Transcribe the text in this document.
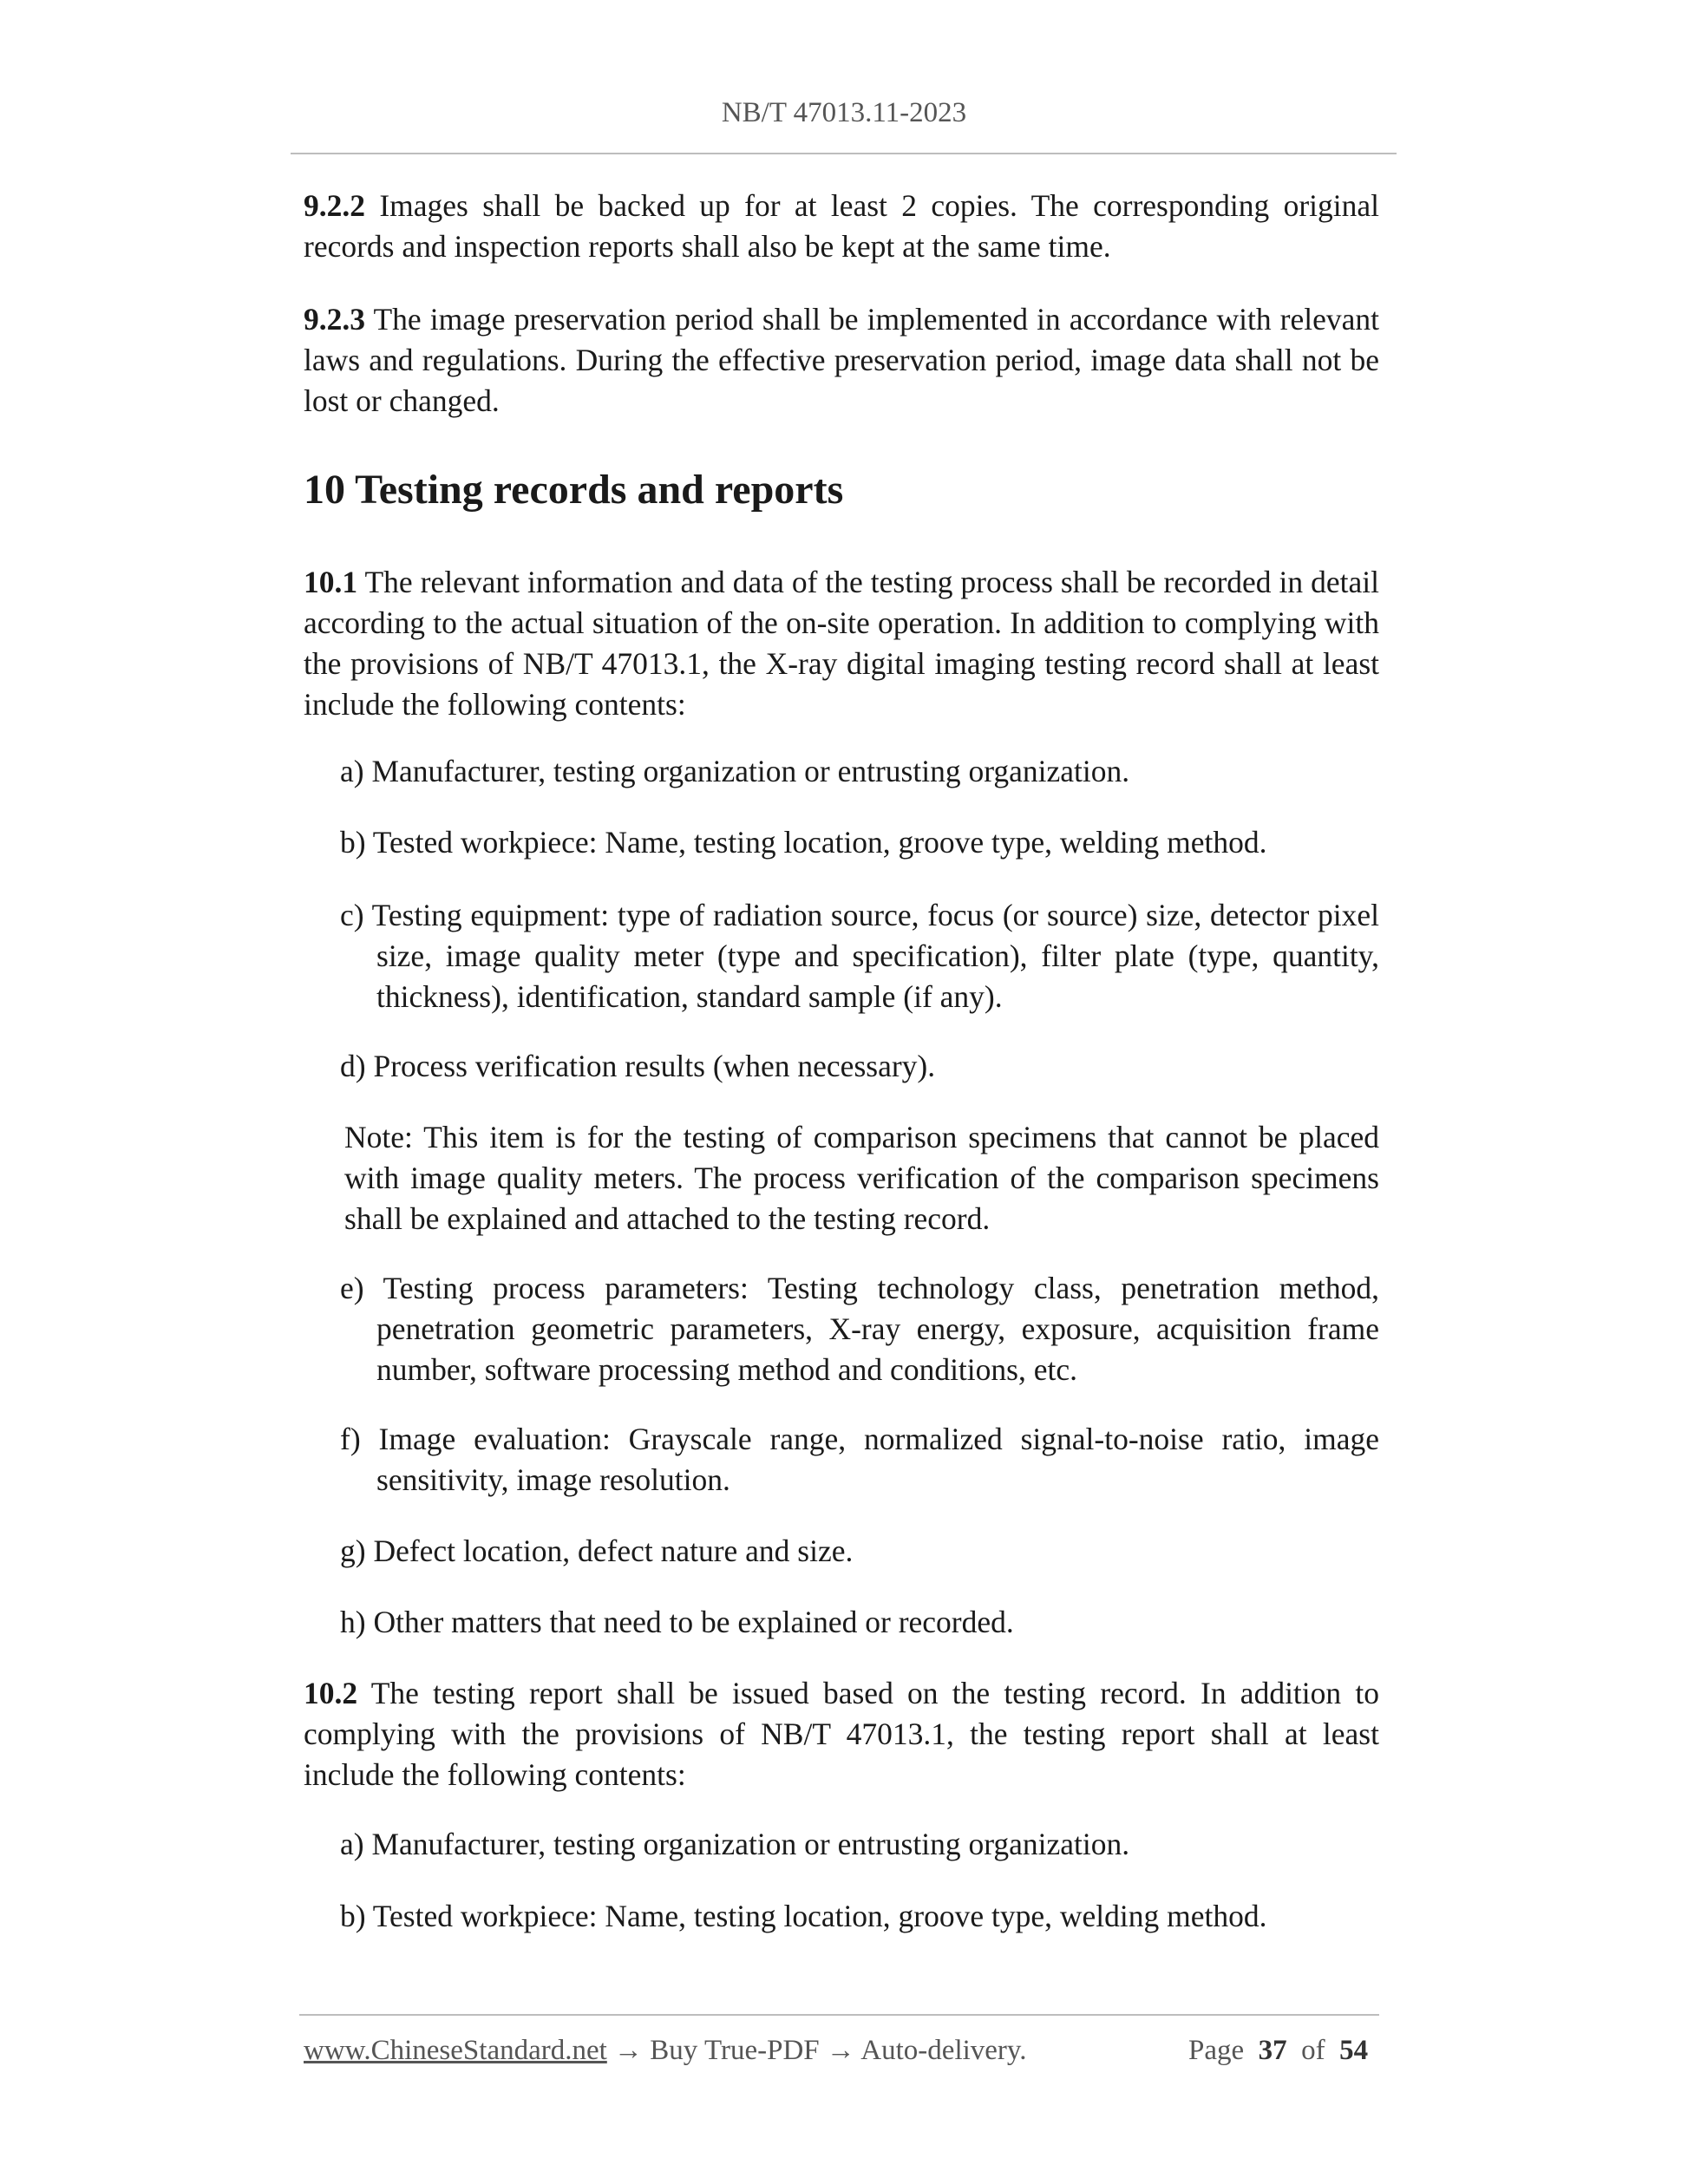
NB/T 47013.11-2023
9.2.2 Images shall be backed up for at least 2 copies. The corresponding original records and inspection reports shall also be kept at the same time.
9.2.3 The image preservation period shall be implemented in accordance with relevant laws and regulations. During the effective preservation period, image data shall not be lost or changed.
10 Testing records and reports
10.1 The relevant information and data of the testing process shall be recorded in detail according to the actual situation of the on-site operation. In addition to complying with the provisions of NB/T 47013.1, the X-ray digital imaging testing record shall at least include the following contents:
a) Manufacturer, testing organization or entrusting organization.
b) Tested workpiece: Name, testing location, groove type, welding method.
c) Testing equipment: type of radiation source, focus (or source) size, detector pixel size, image quality meter (type and specification), filter plate (type, quantity, thickness), identification, standard sample (if any).
d) Process verification results (when necessary).
Note: This item is for the testing of comparison specimens that cannot be placed with image quality meters. The process verification of the comparison specimens shall be explained and attached to the testing record.
e) Testing process parameters: Testing technology class, penetration method, penetration geometric parameters, X-ray energy, exposure, acquisition frame number, software processing method and conditions, etc.
f) Image evaluation: Grayscale range, normalized signal-to-noise ratio, image sensitivity, image resolution.
g) Defect location, defect nature and size.
h) Other matters that need to be explained or recorded.
10.2 The testing report shall be issued based on the testing record. In addition to complying with the provisions of NB/T 47013.1, the testing report shall at least include the following contents:
a) Manufacturer, testing organization or entrusting organization.
b) Tested workpiece: Name, testing location, groove type, welding method.
www.ChineseStandard.net → Buy True-PDF → Auto-delivery.	Page 37 of 54
